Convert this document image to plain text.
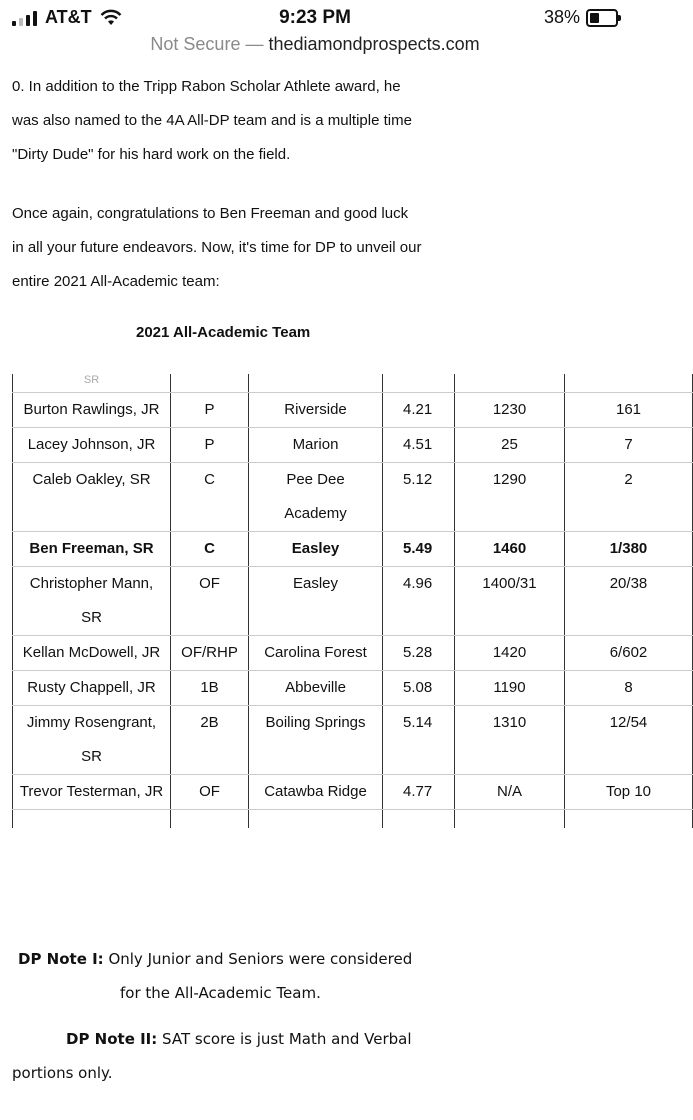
AT&T	9:23 PM	38%
Not Secure — thediamondprospects.com

0. In addition to the Tripp Rabon Scholar Athlete award, he

was also named to the 4A All-DP team and is a multiple time

"Dirty Dude" for his hard work on the field.

Once again, congratulations to Ben Freeman and good luck

in all your future endeavors. Now, it's time for DP to unveil our

entire 2021 All-Academic team:

2021 All-Academic Team
SR					
Burton Rawlings, JR	P	Riverside	4.21	1230	161
Lacey Johnson, JR	P	Marion	4.51	25	7
Caleb Oakley, SR	C	Pee Dee Academy	5.12	1290	2
Ben Freeman, SR	C	Easley	5.49	1460	1/380
Christopher Mann, SR	OF	Easley	4.96	1400/31	20/38
Kellan McDowell, JR	OF/RHP	Carolina Forest	5.28	1420	6/602
Rusty Chappell, JR	1B	Abbeville	5.08	1190	8
Jimmy Rosengrant, SR	2B	Boiling Springs	5.14	1310	12/54
Trevor Testerman, JR	OF	Catawba Ridge	4.77	N/A	Top 10

DP Note I: Only Junior and Seniors were considered
for the All-Academic Team.
DP Note II: SAT score is just Math and Verbal
portions only.
